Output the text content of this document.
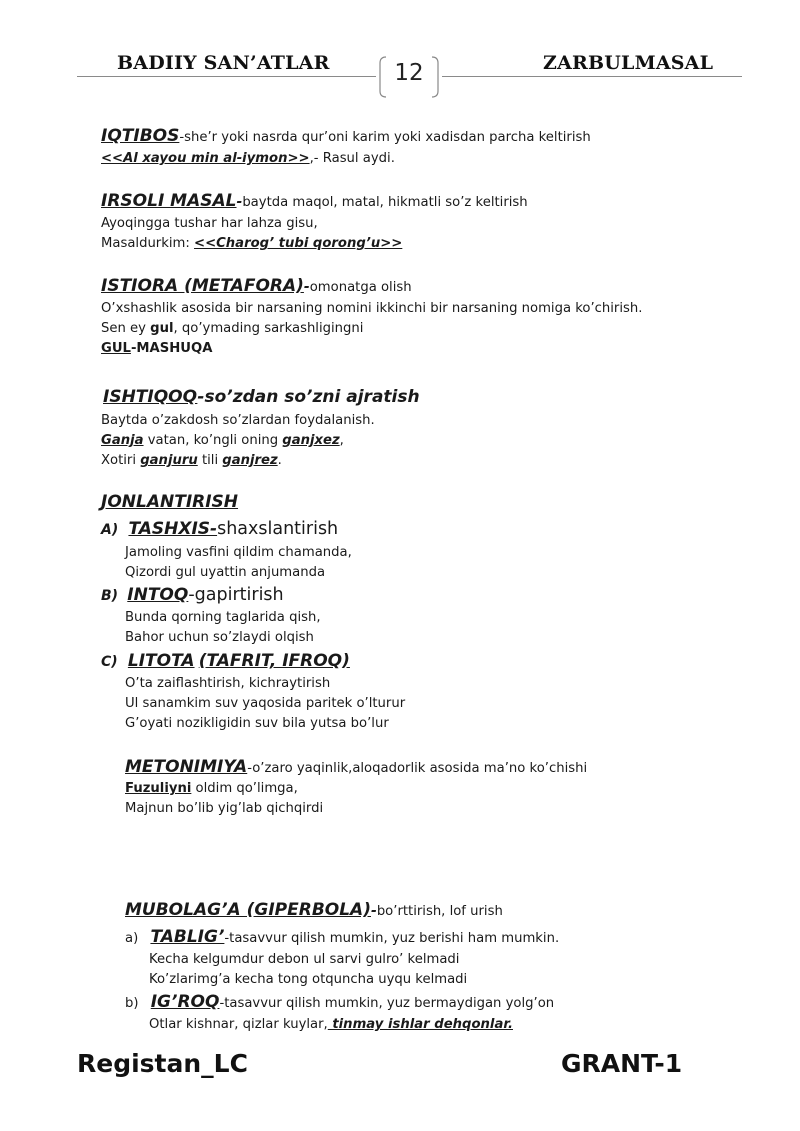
BADIIY SAN’ATLAR	ZARBULMASAL
12
IQTIBOS-she’r yoki nasrda qur’oni karim yoki xadisdan parcha keltirish
<<Al xayou min al-iymon>>,- Rasul aydi.
IRSOLI MASAL-baytda maqol, matal, hikmatli so’z keltirish
Ayoqingga tushar har lahza gisu,
Masaldurkim: <<Charog’ tubi qorong’u>>
ISTIORA (METAFORA)-omonatga olish
O’xshashlik asosida bir narsaning nomini ikkinchi bir narsaning nomiga ko’chirish.
Sen ey gul, qo’ymading sarkashligingni
GUL-MASHUQA
ISHTIQOQ-so’zdan so’zni ajratish
Baytda o’zakdosh so’zlardan foydalanish.
Ganja vatan, ko’ngli oning ganjxez,
Xotiri ganjuru tili ganjrez.
JONLANTIRISH
A) TASHXIS-shaxslantirish
Jamoling vasfini qildim chamanda,
Qizordi gul uyattin anjumanda
B) INTOQ-gapirtirish
Bunda qorning taglarida qish,
Bahor uchun so’zlaydi olqish
C) LITOTA (TAFRIT, IFROQ)
O’ta zaiflashtirish, kichraytirish
Ul sanamkim suv yaqosida paritek o’lturur
G’oyati nozikligidin suv bila yutsa bo’lur
METONIMIYA-o’zaro yaqinlik,aloqadorlik asosida ma’no ko’chishi
Fuzuliyni oldim qo’limga,
Majnun bo’lib yig’lab qichqirdi
MUBOLAG’A (GIPERBOLA)-bo’rttirish, lof urish
a) TABLIG’-tasavvur qilish mumkin, yuz berishi ham mumkin.
Kecha kelgumdur debon ul sarvi gulro’ kelmadi
Ko’zlarimg’a kecha tong otquncha uyqu kelmadi
b) IG’ROQ-tasavvur qilish mumkin, yuz bermaydigan yolg’on
Otlar kishnar, qizlar kuylar, tinmay ishlar dehqonlar.
Registan_LC	GRANT-1
